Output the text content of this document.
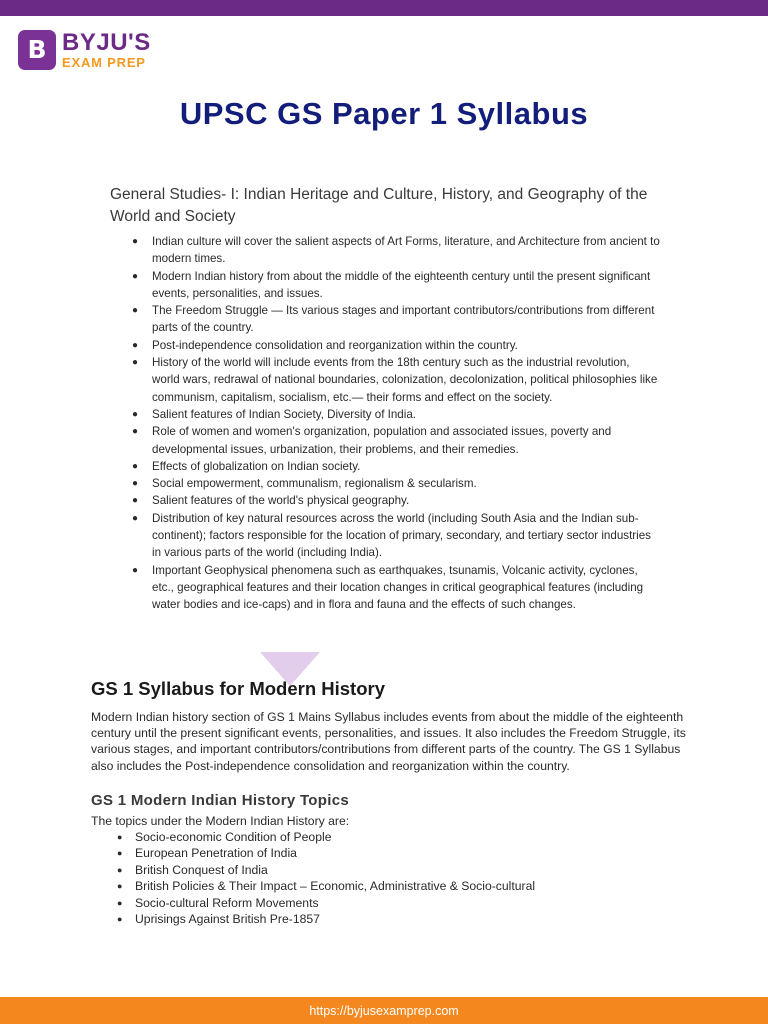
B BYJU'S
EXAM PREP
UPSC GS Paper 1 Syllabus
General Studies- I: Indian Heritage and Culture, History, and Geography of the World and Society
● Indian culture will cover the salient aspects of Art Forms, literature, and Architecture from ancient to modern times.
● Modern Indian history from about the middle of the eighteenth century until the present significant events, personalities, and issues.
● The Freedom Struggle — Its various stages and important contributors/contributions from different parts of the country.
● Post-independence consolidation and reorganization within the country.
● History of the world will include events from the 18th century such as the industrial revolution, world wars, redrawal of national boundaries, colonization, decolonization, political philosophies like communism, capitalism, socialism, etc.— their forms and effect on the society.
● Salient features of Indian Society, Diversity of India.
● Role of women and women's organization, population and associated issues, poverty and developmental issues, urbanization, their problems, and their remedies.
● Effects of globalization on Indian society.
● Social empowerment, communalism, regionalism & secularism.
● Salient features of the world's physical geography.
● Distribution of key natural resources across the world (including South Asia and the Indian sub-continent); factors responsible for the location of primary, secondary, and tertiary sector industries in various parts of the world (including India).
● Important Geophysical phenomena such as earthquakes, tsunamis, Volcanic activity, cyclones, etc., geographical features and their location changes in critical geographical features (including water bodies and ice-caps) and in flora and fauna and the effects of such changes.
GS 1 Syllabus for Modern History

Modern Indian history section of GS 1 Mains Syllabus includes events from about the middle of the eighteenth century until the present significant events, personalities, and issues. It also includes the Freedom Struggle, its various stages, and important contributors/contributions from different parts of the country. The GS 1 Syllabus also includes the Post-independence consolidation and reorganization within the country.

GS 1 Modern Indian History Topics

The topics under the Modern Indian History are:

● Socio-economic Condition of People
● European Penetration of India
● British Conquest of India
● British Policies & Their Impact – Economic, Administrative & Socio-cultural
● Socio-cultural Reform Movements
● Uprisings Against British Pre-1857
https://byjusexamprep.com
